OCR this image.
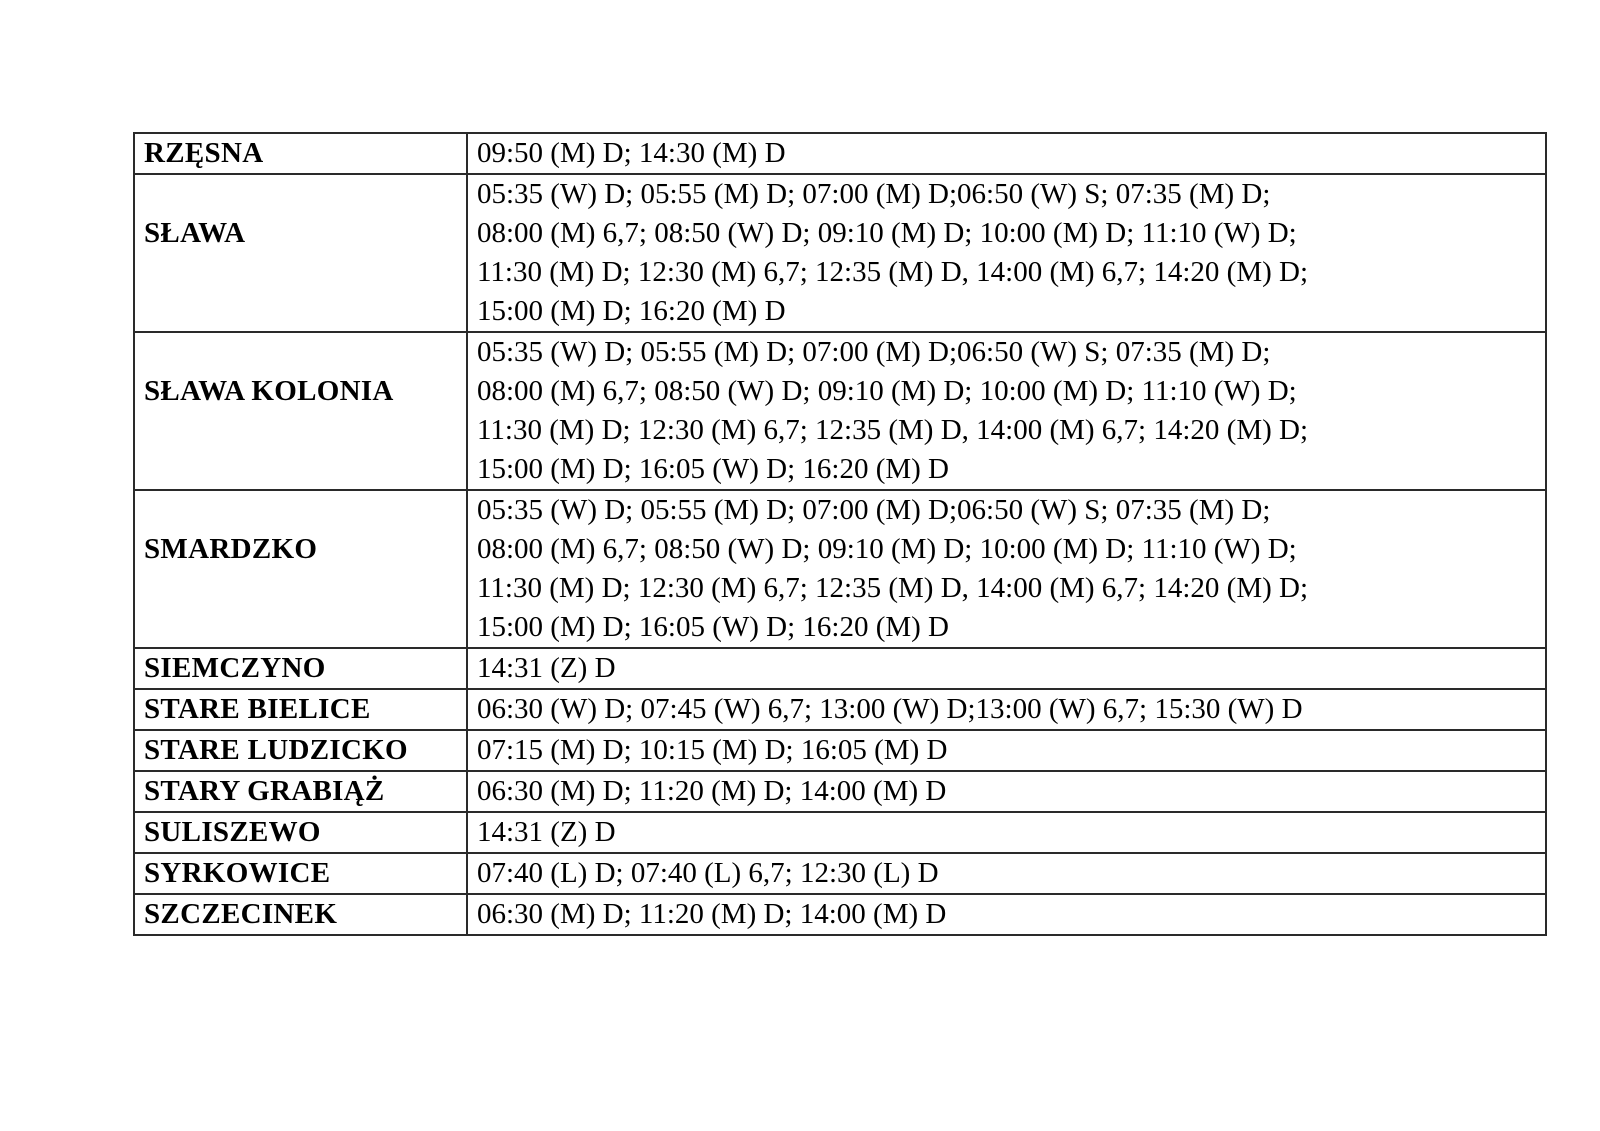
RZĘSNA	09:50 (M) D; 14:30 (M) D

SŁAWA	05:35 (W) D; 05:55 (M) D; 07:00 (M) D;06:50 (W) S; 07:35 (M) D;
08:00 (M) 6,7; 08:50 (W) D; 09:10 (M) D; 10:00 (M) D; 11:10 (W) D;
11:30 (M) D; 12:30 (M) 6,7; 12:35 (M) D, 14:00 (M) 6,7; 14:20 (M) D;
15:00 (M) D; 16:20 (M) D

SŁAWA KOLONIA	05:35 (W) D; 05:55 (M) D; 07:00 (M) D;06:50 (W) S; 07:35 (M) D;
08:00 (M) 6,7; 08:50 (W) D; 09:10 (M) D; 10:00 (M) D; 11:10 (W) D;
11:30 (M) D; 12:30 (M) 6,7; 12:35 (M) D, 14:00 (M) 6,7; 14:20 (M) D;
15:00 (M) D; 16:05 (W) D; 16:20 (M) D

SMARDZKO	05:35 (W) D; 05:55 (M) D; 07:00 (M) D;06:50 (W) S; 07:35 (M) D;
08:00 (M) 6,7; 08:50 (W) D; 09:10 (M) D; 10:00 (M) D; 11:10 (W) D;
11:30 (M) D; 12:30 (M) 6,7; 12:35 (M) D, 14:00 (M) 6,7; 14:20 (M) D;
15:00 (M) D; 16:05 (W) D; 16:20 (M) D

SIEMCZYNO	14:31 (Z) D

STARE BIELICE	06:30 (W) D; 07:45 (W) 6,7; 13:00 (W) D;13:00 (W) 6,7; 15:30 (W) D

STARE LUDZICKO	07:15 (M) D; 10:15 (M) D; 16:05 (M) D

STARY GRABIĄŻ	06:30 (M) D; 11:20 (M) D; 14:00 (M) D

SULISZEWO	14:31 (Z) D

SYRKOWICE	07:40 (L) D; 07:40 (L) 6,7; 12:30 (L) D

SZCZECINEK	06:30 (M) D; 11:20 (M) D; 14:00 (M) D
